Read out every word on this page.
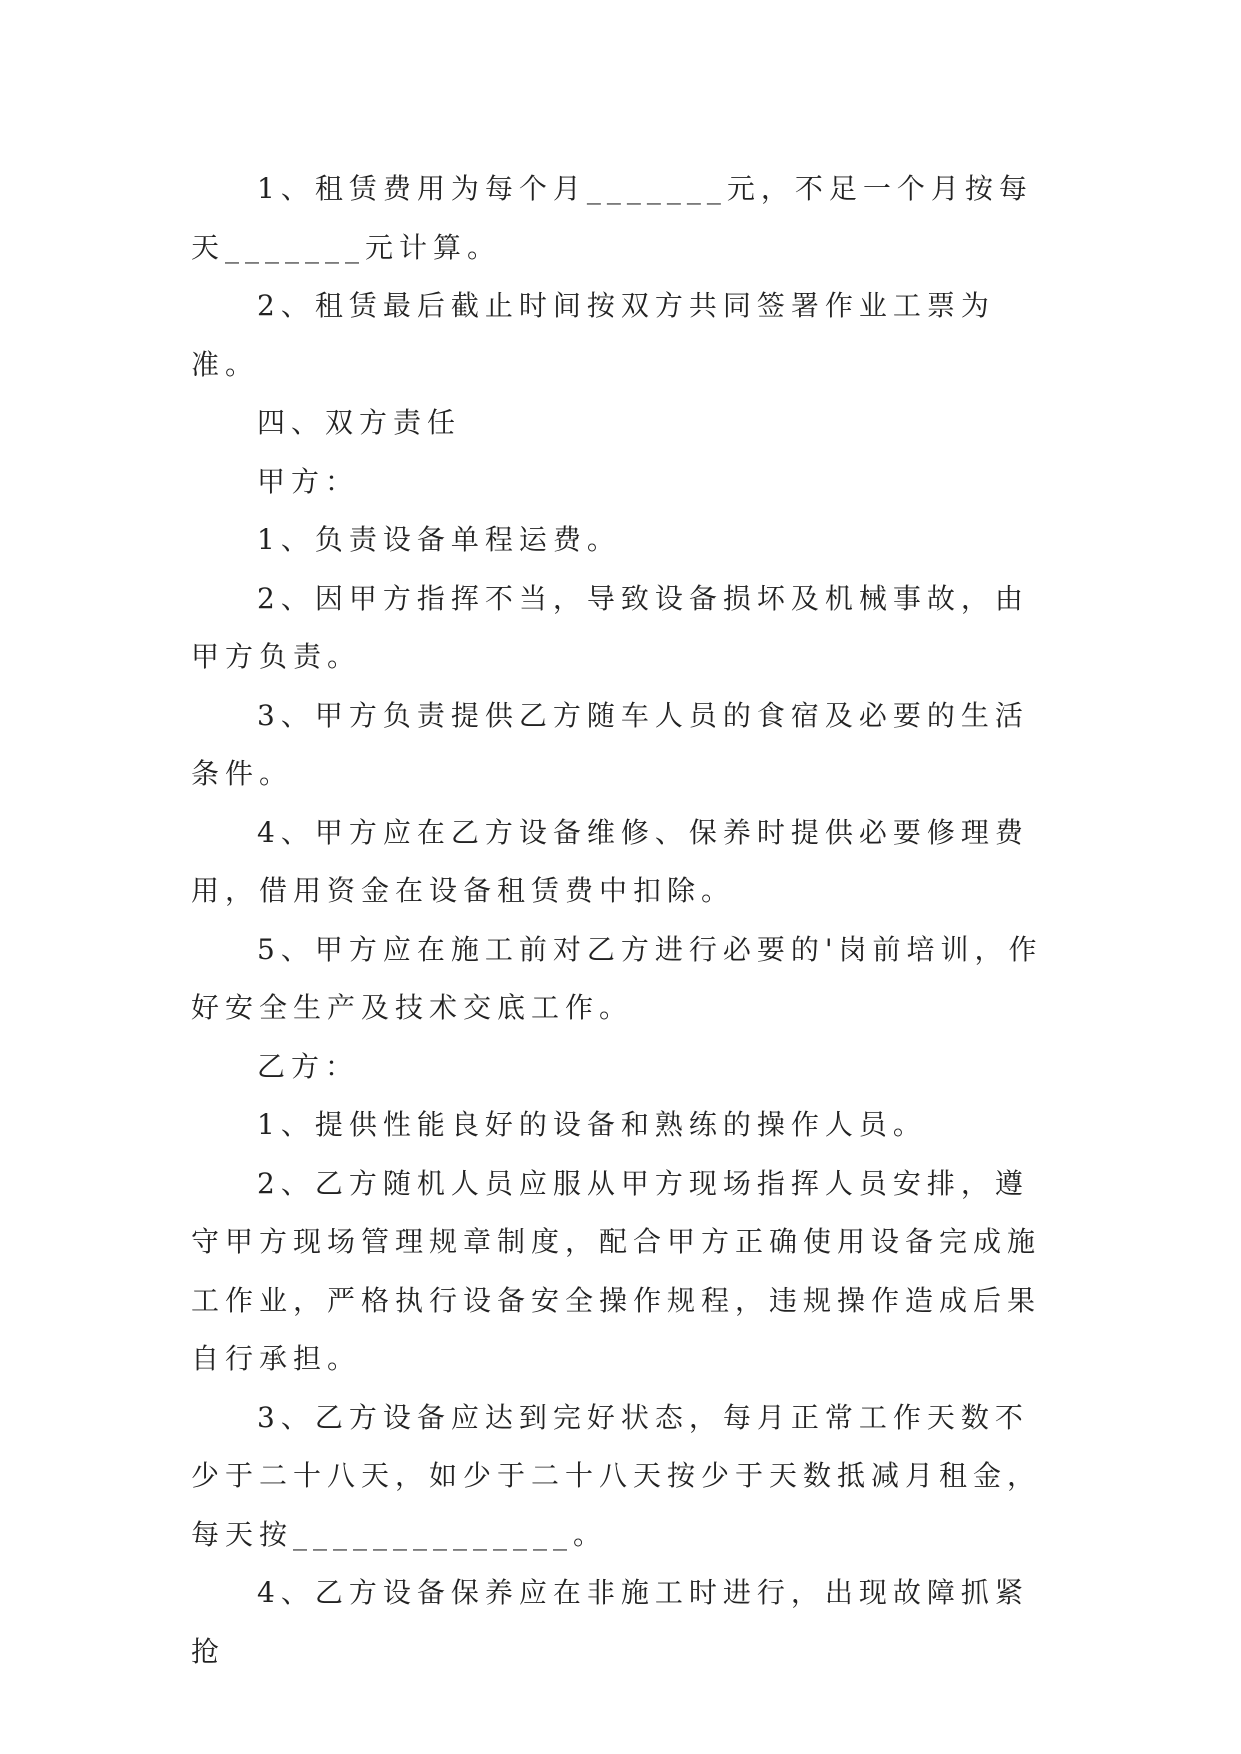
1、租赁费用为每个月_______元，不足一个月按每天_______元计算。

2、租赁最后截止时间按双方共同签署作业工票为准。

四、双方责任

甲方：

1、负责设备单程运费。

2、因甲方指挥不当，导致设备损坏及机械事故，由甲方负责。

3、甲方负责提供乙方随车人员的食宿及必要的生活条件。

4、甲方应在乙方设备维修、保养时提供必要修理费用，借用资金在设备租赁费中扣除。

5、甲方应在施工前对乙方进行必要的'岗前培训，作好安全生产及技术交底工作。

乙方：

1、提供性能良好的设备和熟练的操作人员。

2、乙方随机人员应服从甲方现场指挥人员安排，遵守甲方现场管理规章制度，配合甲方正确使用设备完成施工作业，严格执行设备安全操作规程，违规操作造成后果自行承担。

3、乙方设备应达到完好状态，每月正常工作天数不少于二十八天，如少于二十八天按少于天数抵减月租金，每天按______________。

4、乙方设备保养应在非施工时进行，出现故障抓紧抢
